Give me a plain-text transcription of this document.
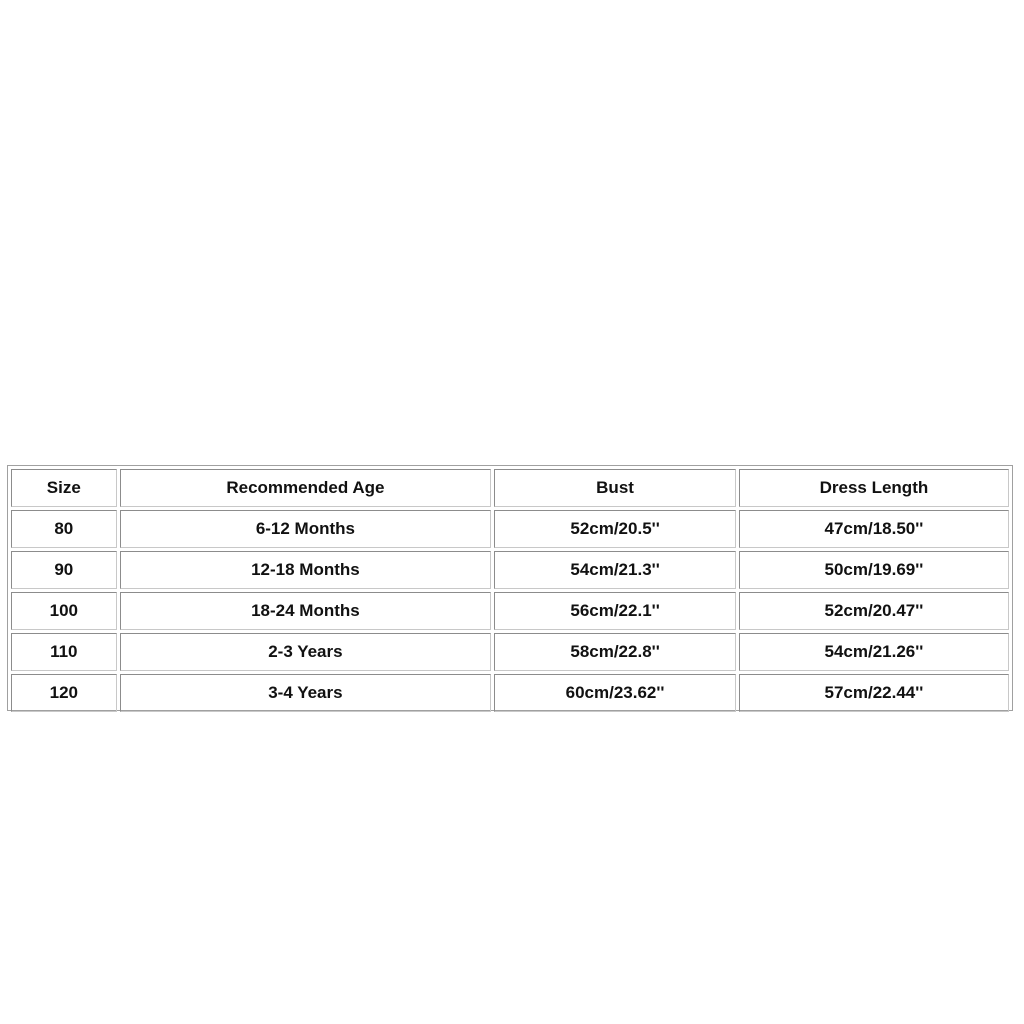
Size	Recommended Age	Bust	Dress Length
80	6-12 Months	52cm/20.5''	47cm/18.50''
90	12-18 Months	54cm/21.3''	50cm/19.69''
100	18-24 Months	56cm/22.1''	52cm/20.47''
110	2-3 Years	58cm/22.8''	54cm/21.26''
120	3-4 Years	60cm/23.62''	57cm/22.44''
